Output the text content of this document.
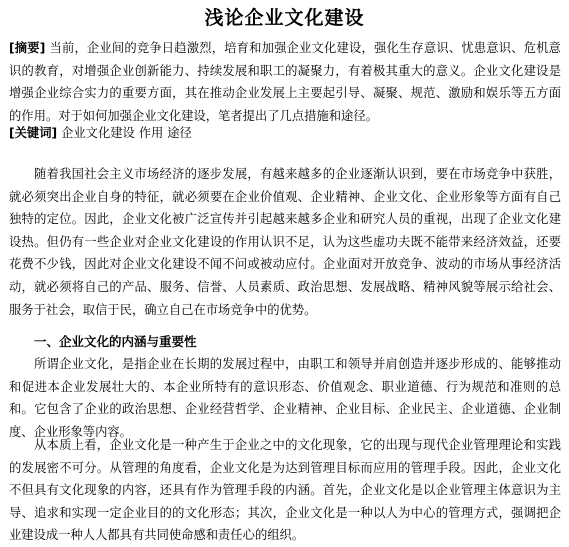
浅论企业文化建设

[摘要] 当前，企业间的竞争日趋激烈，培育和加强企业文化建设，强化生存意识、忧患意识、危机意识的教育，对增强企业创新能力、持续发展和职工的凝聚力，有着极其重大的意义。企业文化建设是增强企业综合实力的重要方面，其在推动企业发展上主要起引导、凝聚、规范、激励和娱乐等五方面的作用。对于如何加强企业文化建设，笔者提出了几点措施和途径。

[关键词] 企业文化建设 作用 途径

随着我国社会主义市场经济的逐步发展，有越来越多的企业逐渐认识到，要在市场竞争中获胜，就必须突出企业自身的特征，就必须要在企业价值观、企业精神、企业文化、企业形象等方面有自己独特的定位。因此，企业文化被广泛宣传并引起越来越多企业和研究人员的重视，出现了企业文化建设热。但仍有一些企业对企业文化建设的作用认识不足，认为这些虚功夫既不能带来经济效益，还要花费不少钱，因此对企业文化建设不闻不问或被动应付。企业面对开放竞争、波动的市场从事经济活动，就必须将自己的产品、服务、信誉、人员素质、政治思想、发展战略、精神风貌等展示给社会、服务于社会，取信于民，确立自己在市场竞争中的优势。

一、企业文化的内涵与重要性

所谓企业文化，是指企业在长期的发展过程中，由职工和领导并肩创造并逐步形成的、能够推动和促进本企业发展壮大的、本企业所特有的意识形态、价值观念、职业道德、行为规范和准则的总和。它包含了企业的政治思想、企业经营哲学、企业精神、企业目标、企业民主、企业道德、企业制度、企业形象等内容。

从本质上看，企业文化是一种产生于企业之中的文化现象，它的出现与现代企业管理理论和实践的发展密不可分。从管理的角度看，企业文化是为达到管理目标而应用的管理手段。因此，企业文化不但具有文化现象的内容，还具有作为管理手段的内涵。首先，企业文化是以企业管理主体意识为主导、追求和实现一定企业目的的文化形态；其次，企业文化是一种以人为中心的管理方式，强调把企业建设成一种人人都具有共同使命感和责任心的组织。
